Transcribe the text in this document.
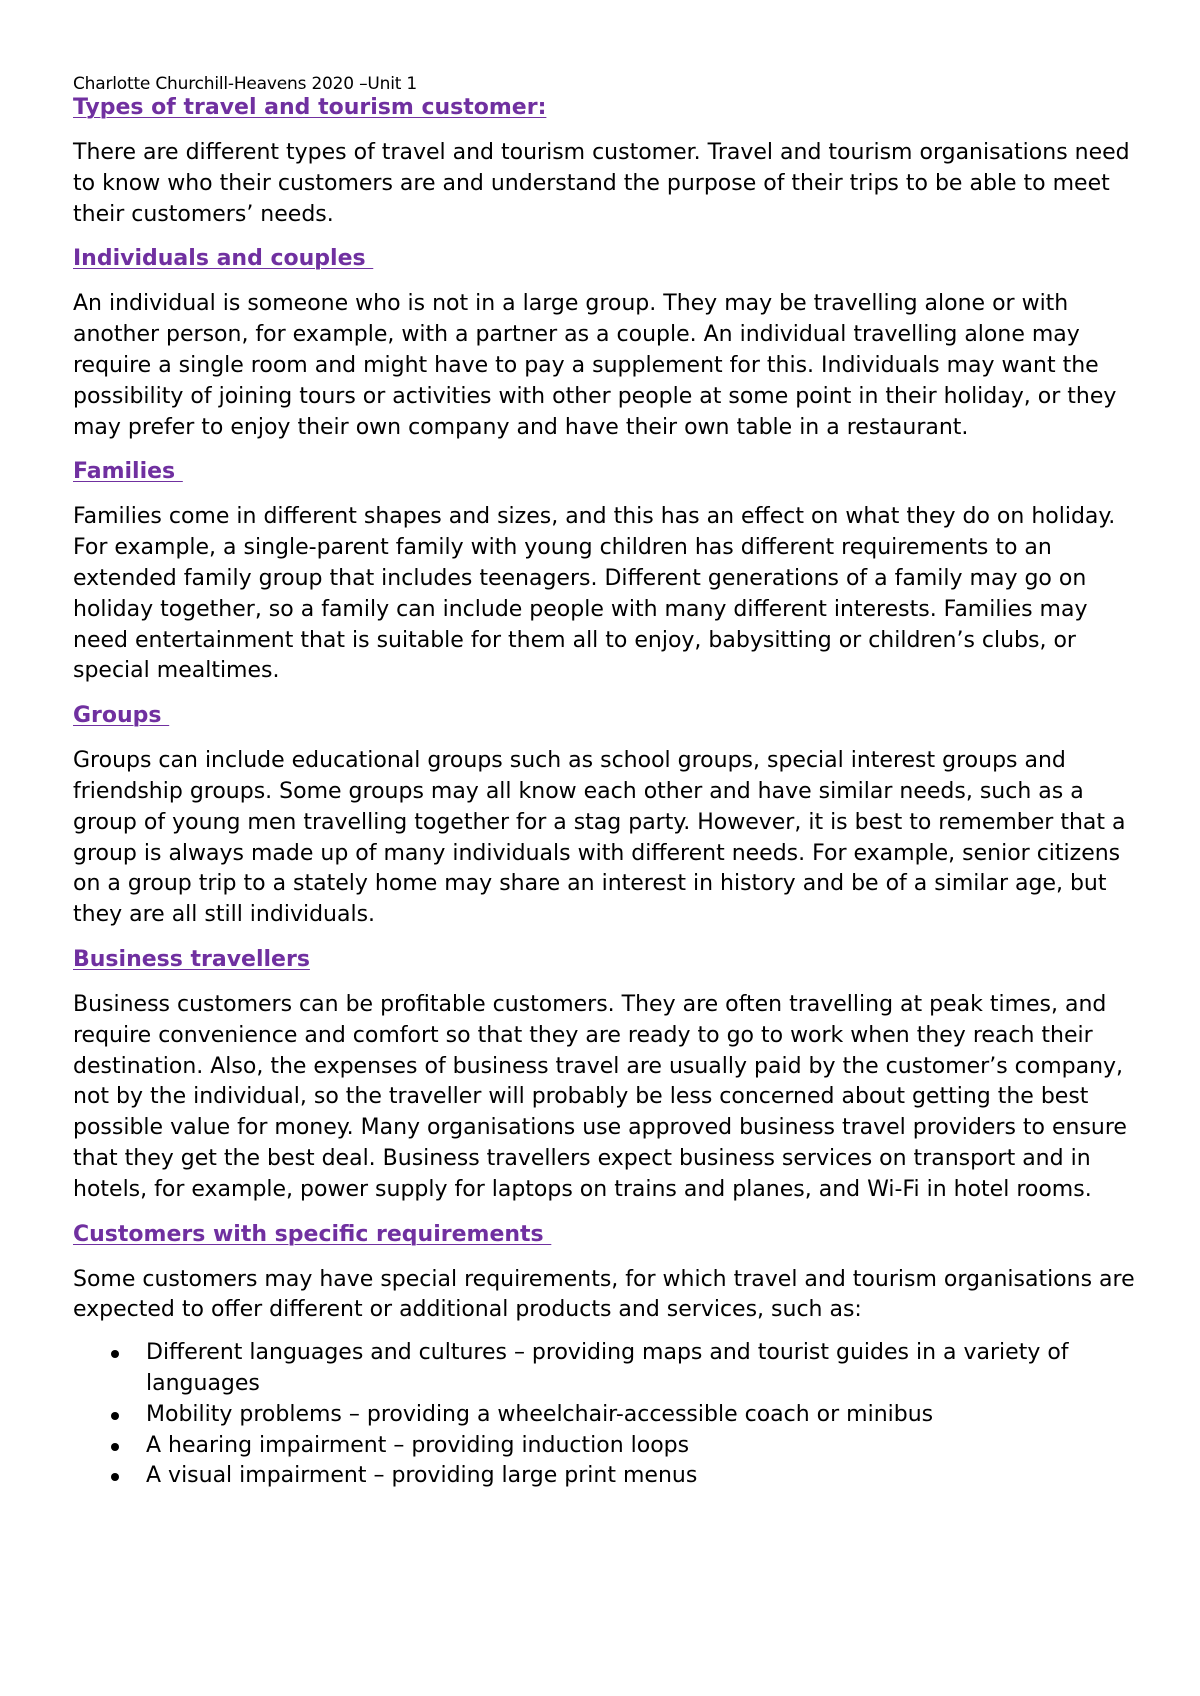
Charlotte Churchill-Heavens 2020 –Unit 1

Types of travel and tourism customer:

There are different types of travel and tourism customer. Travel and tourism organisations need to know who their customers are and understand the purpose of their trips to be able to meet their customers’ needs.

Individuals and couples

An individual is someone who is not in a large group. They may be travelling alone or with another person, for example, with a partner as a couple. An individual travelling alone may require a single room and might have to pay a supplement for this. Individuals may want the possibility of joining tours or activities with other people at some point in their holiday, or they may prefer to enjoy their own company and have their own table in a restaurant.

Families

Families come in different shapes and sizes, and this has an effect on what they do on holiday. For example, a single-parent family with young children has different requirements to an extended family group that includes teenagers. Different generations of a family may go on holiday together, so a family can include people with many different interests. Families may need entertainment that is suitable for them all to enjoy, babysitting or children’s clubs, or special mealtimes.

Groups

Groups can include educational groups such as school groups, special interest groups and friendship groups. Some groups may all know each other and have similar needs, such as a group of young men travelling together for a stag party. However, it is best to remember that a group is always made up of many individuals with different needs. For example, senior citizens on a group trip to a stately home may share an interest in history and be of a similar age, but they are all still individuals.

Business travellers

Business customers can be profitable customers. They are often travelling at peak times, and require convenience and comfort so that they are ready to go to work when they reach their destination. Also, the expenses of business travel are usually paid by the customer’s company, not by the individual, so the traveller will probably be less concerned about getting the best possible value for money. Many organisations use approved business travel providers to ensure that they get the best deal. Business travellers expect business services on transport and in hotels, for example, power supply for laptops on trains and planes, and Wi-Fi in hotel rooms.

Customers with specific requirements

Some customers may have special requirements, for which travel and tourism organisations are expected to offer different or additional products and services, such as:

Different languages and cultures – providing maps and tourist guides in a variety of languages
Mobility problems – providing a wheelchair-accessible coach or minibus
A hearing impairment – providing induction loops
A visual impairment – providing large print menus
